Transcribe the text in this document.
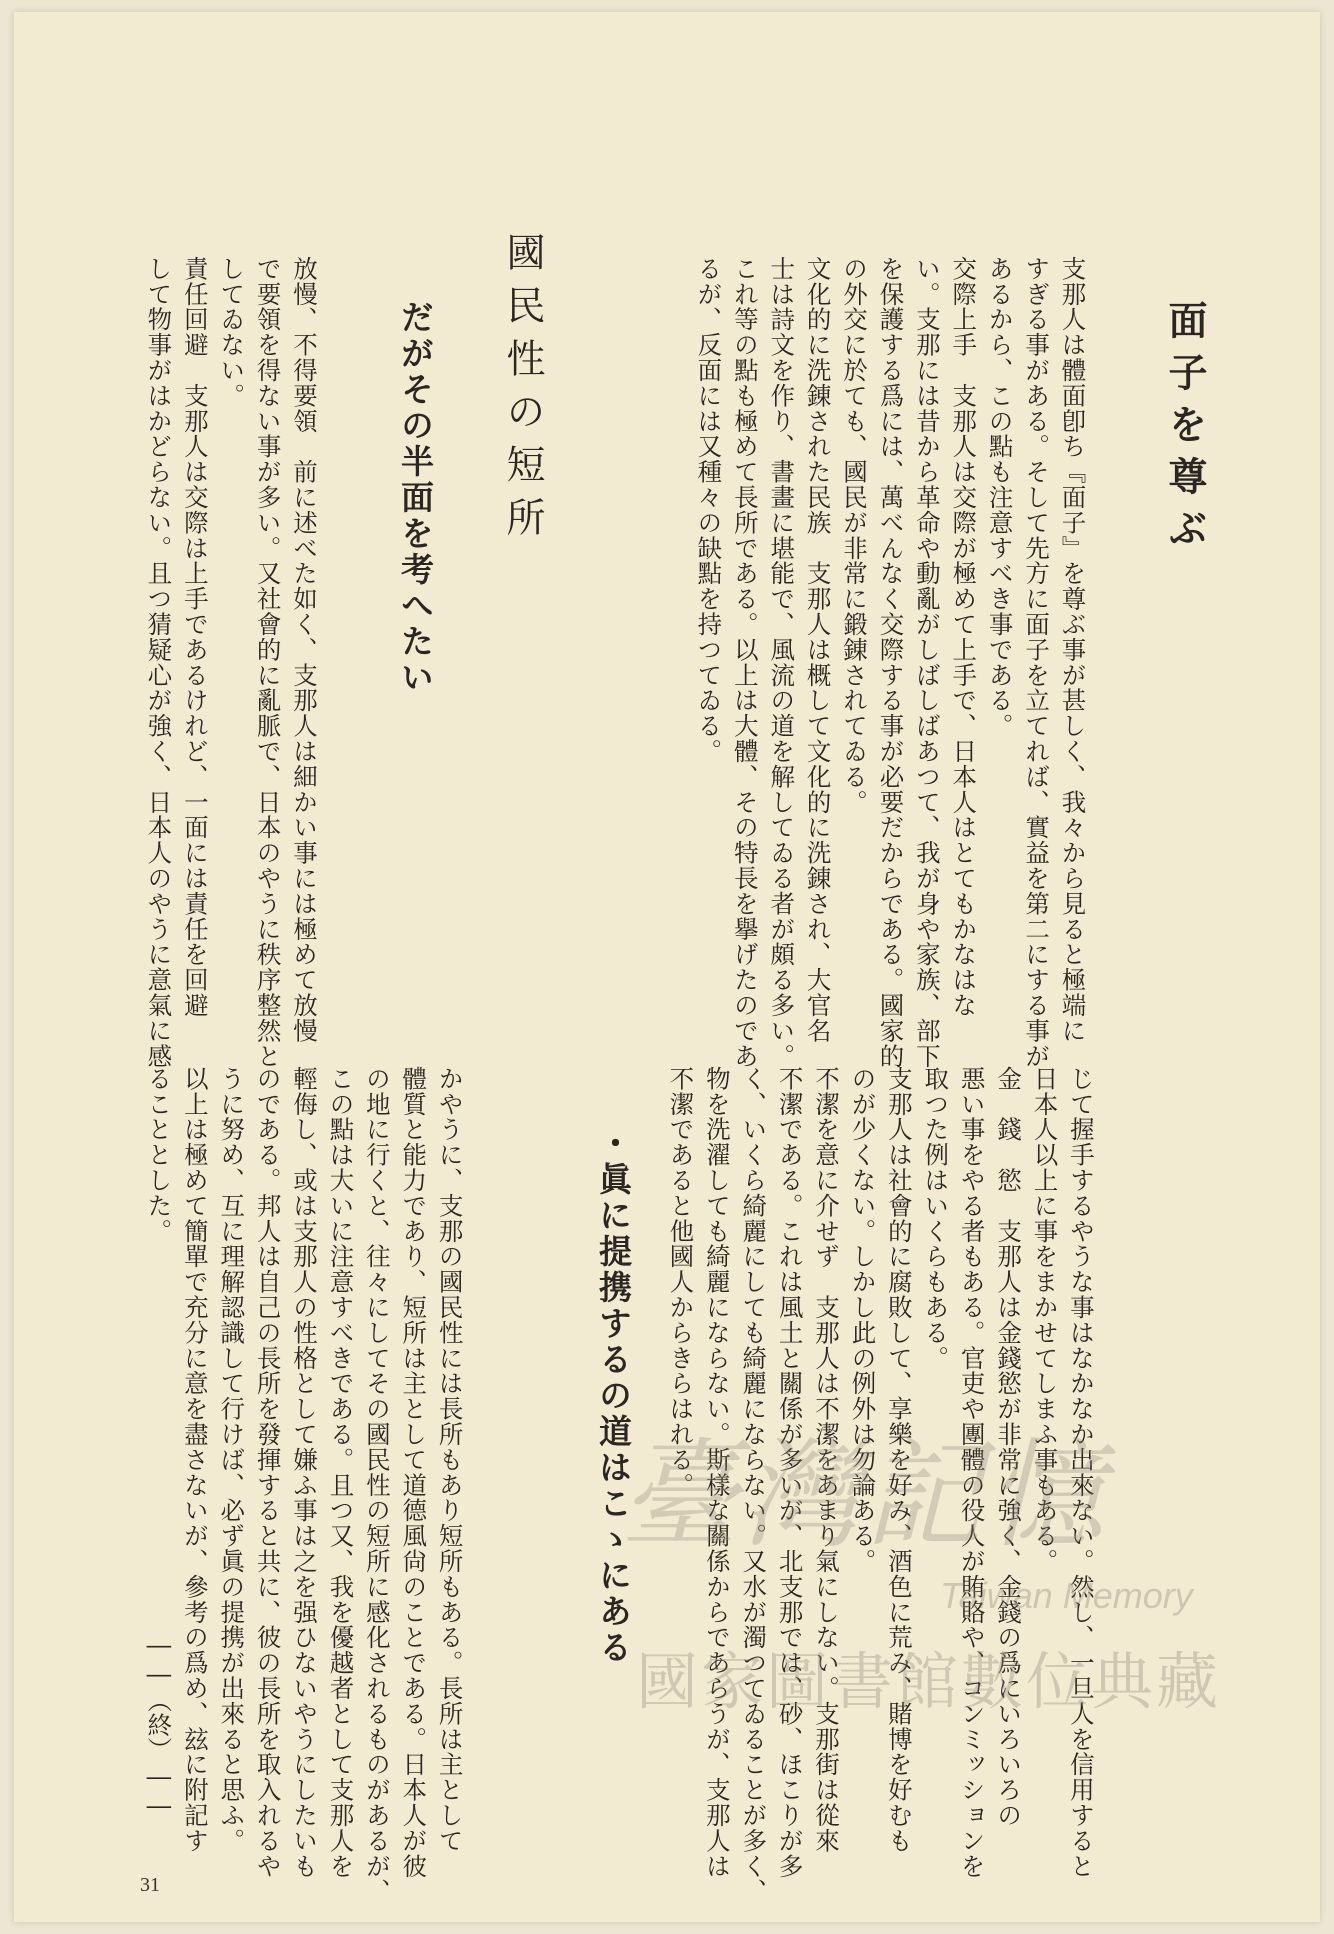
面子を尊ぶ

支那人は體面卽ち『面子』を尊ぶ事が甚しく、我々から見ると極端に
すぎる事がある。そして先方に面子を立てれば、實益を第二にする事が
あるから、この點も注意すべき事である。
交際上手　支那人は交際が極めて上手で、日本人はとてもかなはな
い。支那には昔から革命や動亂がしばしばあつて、我が身や家族、部下
を保護する爲には、萬べんなく交際する事が必要だからである。國家的
の外交に於ても、國民が非常に鍛錬されてゐる。
文化的に洗錬された民族　支那人は概して文化的に洗錬され、大官名
士は詩文を作り、書畫に堪能で、風流の道を解してゐる者が頗る多い。
これ等の點も極めて長所である。以上は大體、その特長を擧げたのであ
るが、反面には又種々の缺點を持つてゐる。

國民性の短所
だがその半面を考へたい

放慢、不得要領　前に述べた如く、支那人は細かい事には極めて放慢
で要領を得ない事が多い。又社會的に亂脈で、日本のやうに秩序整然と
してゐない。
責任回避　支那人は交際は上手であるけれど、一面には責任を回避
して物事がはかどらない。且つ猜疑心が強く、日本人のやうに意氣に感

じて握手するやうな事はなかなか出來ない。然し、一旦人を信用すると
日本人以上に事をまかせてしまふ事もある。
金　錢　慾　支那人は金錢慾が非常に強く、金錢の爲にいろいろの
悪い事をやる者もある。官吏や團體の役人が賄賂や、コンミッションを
取つた例はいくらもある。
支那人は社會的に腐敗して、享樂を好み、酒色に荒み、賭博を好むも
のが少くない。しかし此の例外は勿論ある。
不潔を意に介せず　支那人は不潔をあまり氣にしない。支那街は從來
不潔である。これは風土と關係が多いが、北支那では、砂、ほこりが多
く、いくら綺麗にしても綺麗にならない。又水が濁つてゐることが多く、
物を洗濯しても綺麗にならない。斯樣な關係からであらうが、支那人は
不潔であると他國人からきらはれる。

・眞に提携するの道はこゝにある

かやうに、支那の國民性には長所もあり短所もある。長所は主として
體質と能力であり、短所は主として道德風尙のことである。日本人が彼
の地に行くと、往々にしてその國民性の短所に感化されるものがあるが、
この點は大いに注意すべきである。且つ又、我を優越者として支那人を
輕侮し、或は支那人の性格として嫌ふ事は之を强ひないやうにしたいも
のである。邦人は自己の長所を發揮すると共に、彼の長所を取入れるや
うに努め、互に理解認識して行けば、必ず眞の提携が出來ると思ふ。
以上は極めて簡單で充分に意を盡さないが、參考の爲め、玆に附記す
ることとした。

――（終）――
31
臺灣記憶
Taiwan Memory
國家圖書館數位典藏
